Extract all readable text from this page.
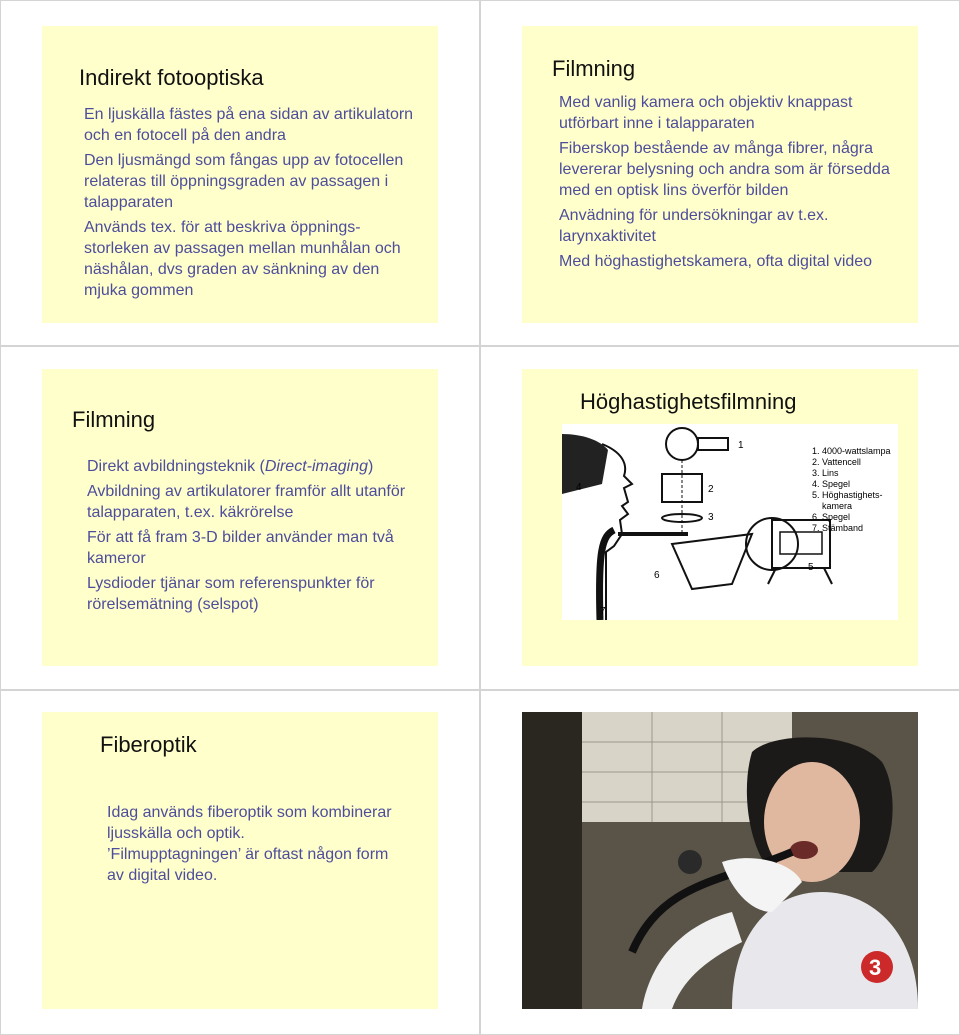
Indirekt fotooptiska

En ljuskälla fästes på ena sidan av artikulatorn och en fotocell på den andra

Den ljusmängd som fångas upp av fotocellen relateras till öppningsgraden av passagen i talapparaten

Används tex. för att beskriva öppnings-storleken av passagen mellan munhålan och näshålan, dvs graden av sänkning av den mjuka gommen

Filmning

Med vanlig kamera och objektiv knappast utförbart inne i talapparaten

Fiberskop bestående av många fibrer, några levererar belysning och andra som är försedda med en optisk lins överför bilden

Anvädning för undersökningar av t.ex. larynxaktivitet

Med höghastighetskamera, ofta digital video

Filmning

Direkt avbildningsteknik (Direct-imaging)

Avbildning av artikulatorer framför allt utanför talapparaten, t.ex. käkrörelse

För att få fram 3-D bilder använder man två kameror

Lysdioder tjänar som referenspunkter för rörelsemätning (selspot)

Höghastighetsfilmning
1
2
3
4
5
6
7
1. 4000-wattslampa
2. Vattencell
3. Lins
4. Spegel
5. Höghastighets-
kamera
6. Spegel
7. Stämband
Fiberoptik

Idag används fiberoptik som kombinerar ljusskälla och optik.

’Filmupptagningen’ är oftast någon form av digital video.

3
